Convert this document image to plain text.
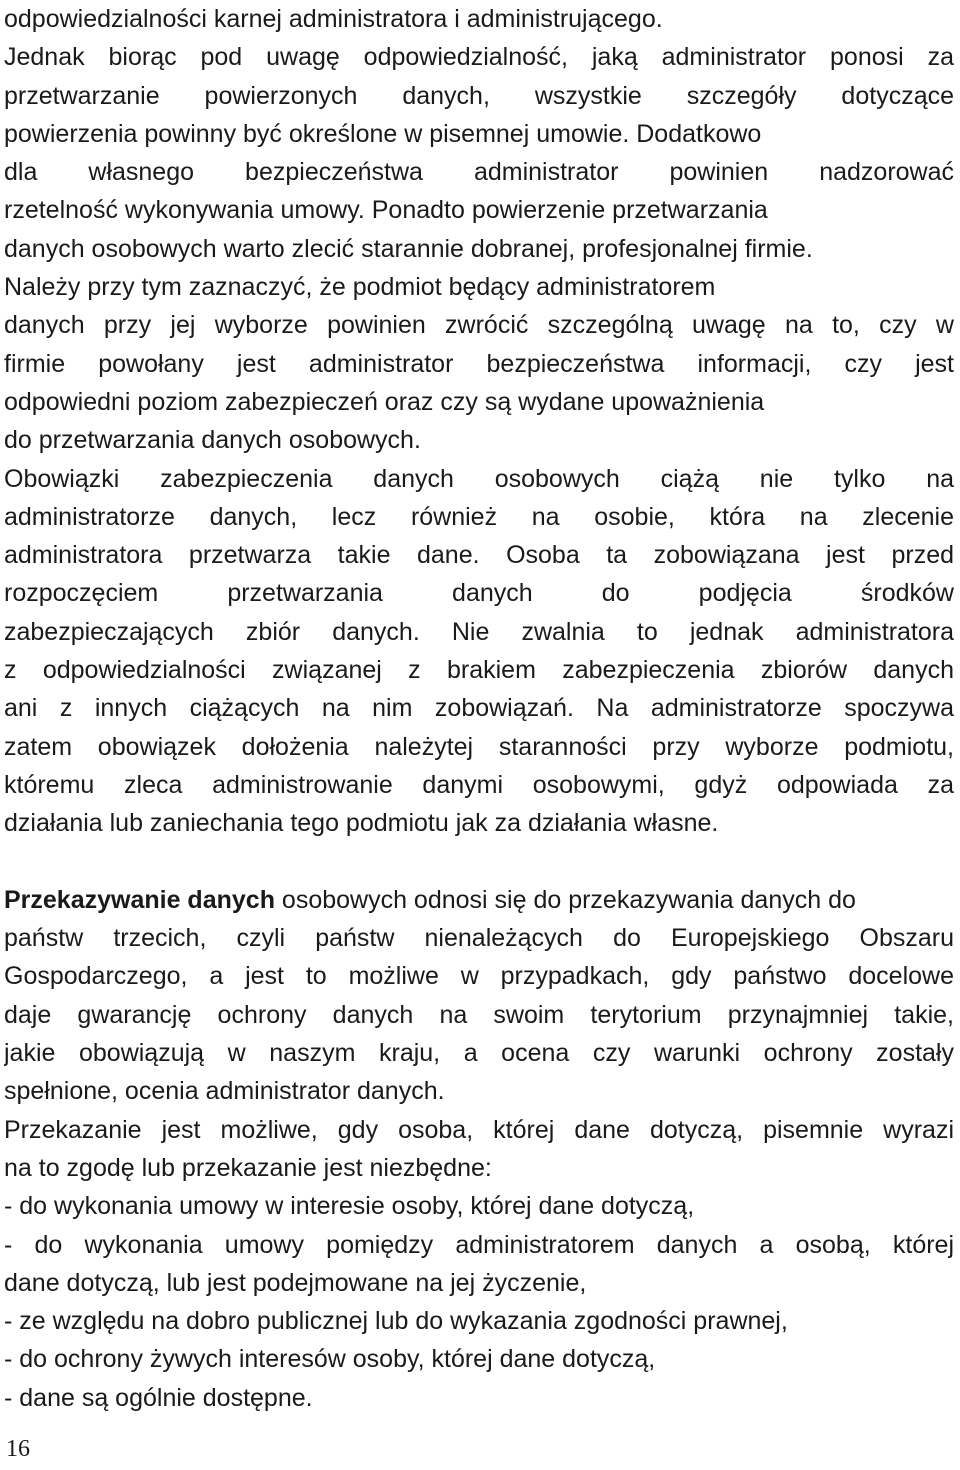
odpowiedzialności karnej administratora i administrującego.
Jednak biorąc pod uwagę odpowiedzialność, jaką administrator ponosi za
przetwarzanie powierzonych danych, wszystkie szczegóły dotyczące
powierzenia powinny być określone w pisemnej umowie. Dodatkowo
dla własnego bezpieczeństwa administrator powinien nadzorować
rzetelność wykonywania umowy. Ponadto powierzenie przetwarzania
danych osobowych warto zlecić starannie dobranej, profesjonalnej firmie.
Należy przy tym zaznaczyć, że podmiot będący administratorem
danych przy jej wyborze powinien zwrócić szczególną uwagę na to, czy w
firmie powołany jest administrator bezpieczeństwa informacji, czy jest
odpowiedni poziom zabezpieczeń oraz czy są wydane upoważnienia
do przetwarzania danych osobowych.
Obowiązki zabezpieczenia danych osobowych ciążą nie tylko na
administratorze danych, lecz również na osobie, która na zlecenie
administratora przetwarza takie dane. Osoba ta zobowiązana jest przed
rozpoczęciem przetwarzania danych do podjęcia środków
zabezpieczających zbiór danych. Nie zwalnia to jednak administratora
z odpowiedzialności związanej z brakiem zabezpieczenia zbiorów danych
ani z innych ciążących na nim zobowiązań. Na administratorze spoczywa
zatem obowiązek dołożenia należytej staranności przy wyborze podmiotu,
któremu zleca administrowanie danymi osobowymi, gdyż odpowiada za
działania lub zaniechania tego podmiotu jak za działania własne.
Przekazywanie danych osobowych odnosi się do przekazywania danych do
państw trzecich, czyli państw nienależących do Europejskiego Obszaru
Gospodarczego, a jest to możliwe w przypadkach, gdy państwo docelowe
daje gwarancję ochrony danych na swoim terytorium przynajmniej takie,
jakie obowiązują w naszym kraju, a ocena czy warunki ochrony zostały
spełnione, ocenia administrator danych.
Przekazanie jest możliwe, gdy osoba, której dane dotyczą, pisemnie wyrazi
na to zgodę lub przekazanie jest niezbędne:
- do wykonania umowy w interesie osoby, której dane dotyczą,
- do wykonania umowy pomiędzy administratorem danych a osobą, której
dane dotyczą, lub jest podejmowane na jej życzenie,
- ze względu na dobro publicznej lub do wykazania zgodności prawnej,
- do ochrony żywych interesów osoby, której dane dotyczą,
- dane są ogólnie dostępne.
16
